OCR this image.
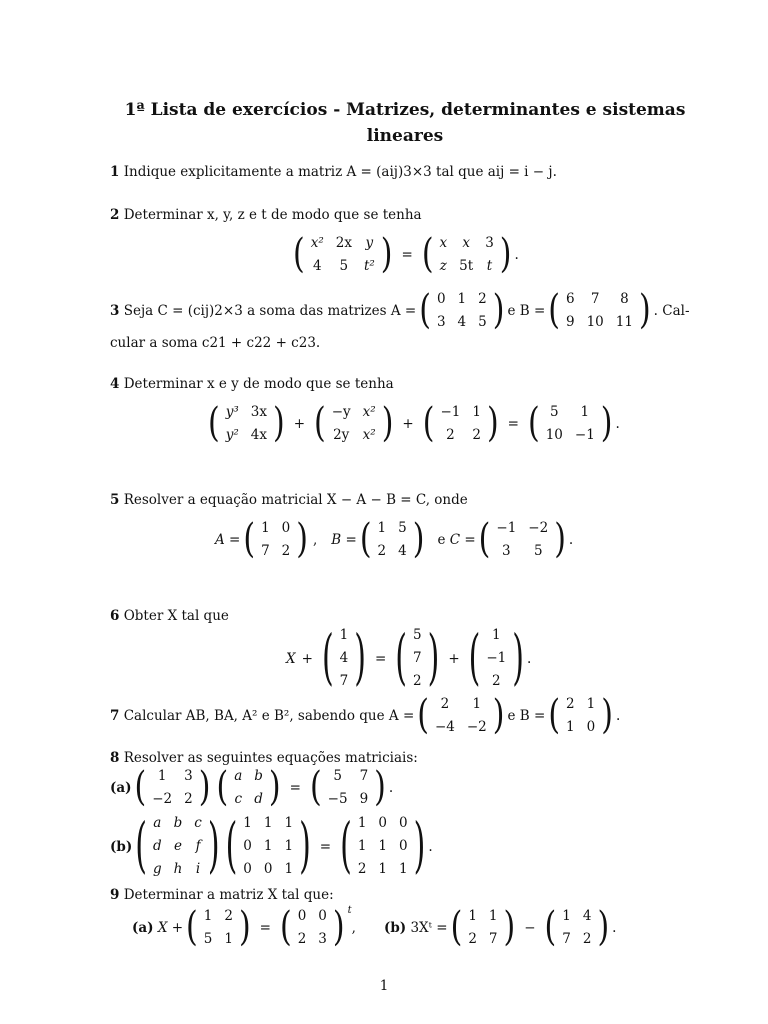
1ª Lista de exercícios - Matrizes, determinantes e sistemas lineares
1 Indique explicitamente a matriz A = (aij)3×3 tal que aij = i − j.
2 Determinar x, y, z e t de modo que se tenha
( x²	2x	y
4	5	t² ) = ( x	x	3
z	5t	t ) .
3
Seja C = (cij)2×3 a soma das matrizes A = ( 0	1	2
3	4	5 ) e B = ( 6	7	8
9	10	11 ) . Cal-
cular a soma c21 + c22 + c23.
4 Determinar x e y de modo que se tenha
( y³	3x
y²	4x ) + ( −y	x²
2y	x² ) + ( −1	1
2	2 ) = ( 5	1
10	−1 ) .
5 Resolver a equação matricial X − A − B = C, onde
A = ( 1	0
7	2 ) , B = ( 1	5
2	4 ) e C = ( −1	−2
3	5 ) .
6 Obter X tal que
X + ( 1
4
7 ) = ( 5
7
2 ) + ( 1
−1
2 ) .
7
Calcular AB, BA, A² e B², sabendo que A = ( 2	1
−4	−2 ) e B = ( 2	1
1	0 ) .
8 Resolver as seguintes equações matriciais:
(a) ( 1	3
−2	2 ) ( a	b
c	d ) = ( 5	7
−5	9 ) .
(b) ( a	b	c
d	e	f
g	h	i ) ( 1	1	1
0	1	1
0	0	1 ) = ( 1	0	0
1	1	0
2	1	1 ) .
9 Determinar a matriz X tal que:
(a)
X + ( 1	2
5	1 ) = ( 0	0
2	3 ) t
, (b)
3Xᵗ = ( 1	1
2	7 ) − ( 1	4
7	2 ) .
1
